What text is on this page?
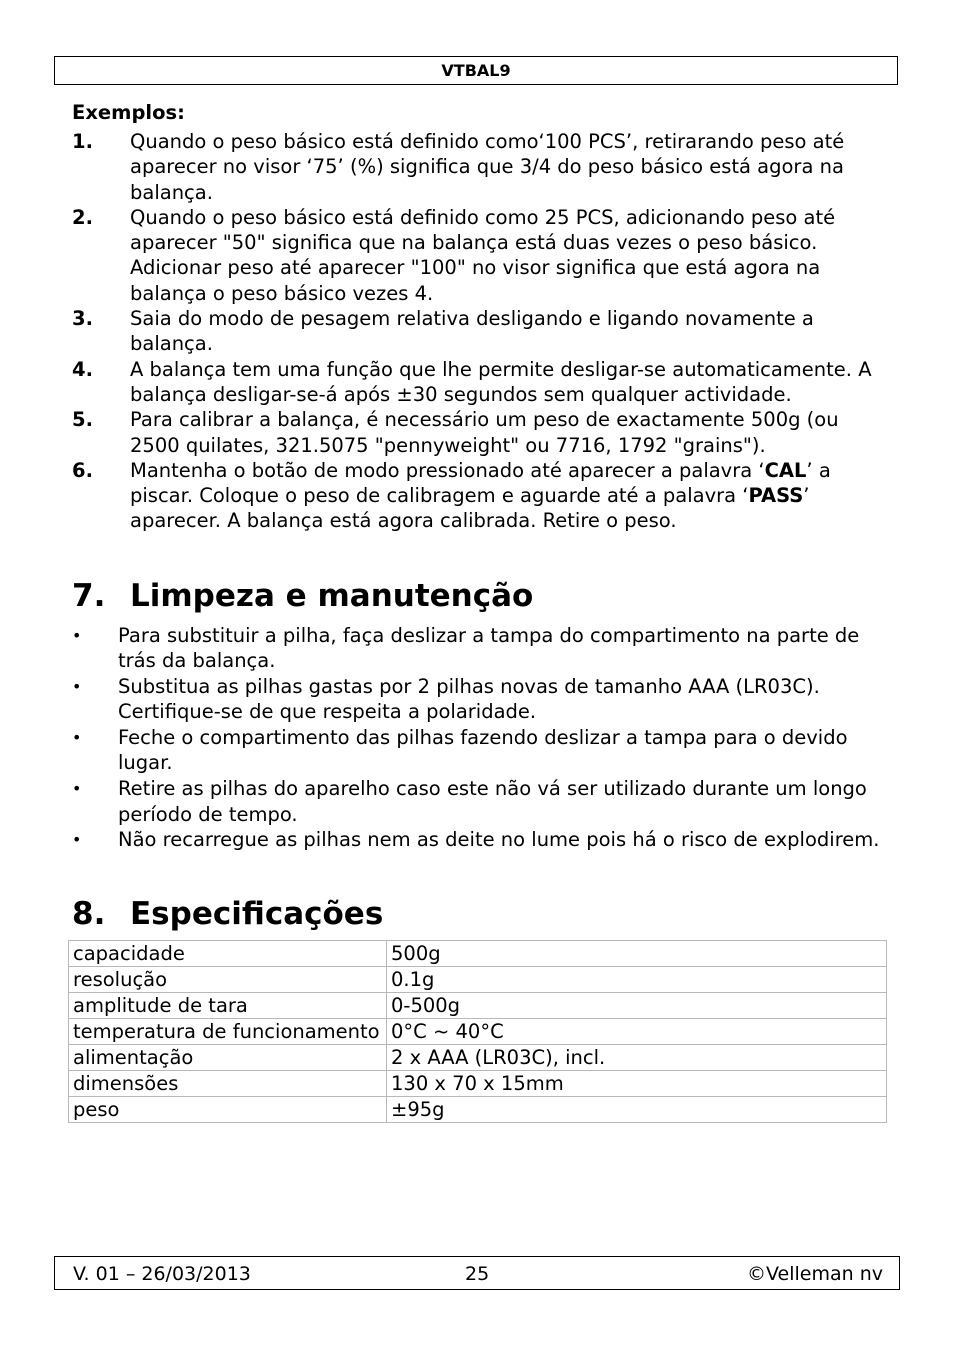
VTBAL9
Exemplos:
1.	Quando o peso básico está definido como‘100 PCS’, retirarando peso até aparecer no visor ‘75’ (%) significa que 3/4 do peso básico está agora na balança.
2.	Quando o peso básico está definido como 25 PCS, adicionando peso até aparecer "50" significa que na balança está duas vezes o peso básico. Adicionar peso até aparecer "100" no visor significa que está agora na balança o peso básico vezes 4.
3.	Saia do modo de pesagem relativa desligando e ligando novamente a balança.
4.	A balança tem uma função que lhe permite desligar-se automaticamente. A balança desligar-se-á após ±30 segundos sem qualquer actividade.
5.	Para calibrar a balança, é necessário um peso de exactamente 500g (ou 2500 quilates, 321.5075 "pennyweight" ou 7716, 1792 "grains").
6.	Mantenha o botão de modo pressionado até aparecer a palavra ‘CAL’ a piscar. Coloque o peso de calibragem e aguarde até a palavra ‘PASS’ aparecer. A balança está agora calibrada. Retire o peso.
7. Limpeza e manutenção
•	Para substituir a pilha, faça deslizar a tampa do compartimento na parte de trás da balança.
•	Substitua as pilhas gastas por 2 pilhas novas de tamanho AAA (LR03C). Certifique-se de que respeita a polaridade.
•	Feche o compartimento das pilhas fazendo deslizar a tampa para o devido lugar.
•	Retire as pilhas do aparelho caso este não vá ser utilizado durante um longo período de tempo.
•	Não recarregue as pilhas nem as deite no lume pois há o risco de explodirem.
8. Especificações
capacidade	500g
resolução	0.1g
amplitude de tara	0-500g
temperatura de funcionamento	0°C ~ 40°C
alimentação	2 x AAA (LR03C), incl.
dimensões	130 x 70 x 15mm
peso	±95g
V. 01 – 26/03/2013	25	©Velleman nv
